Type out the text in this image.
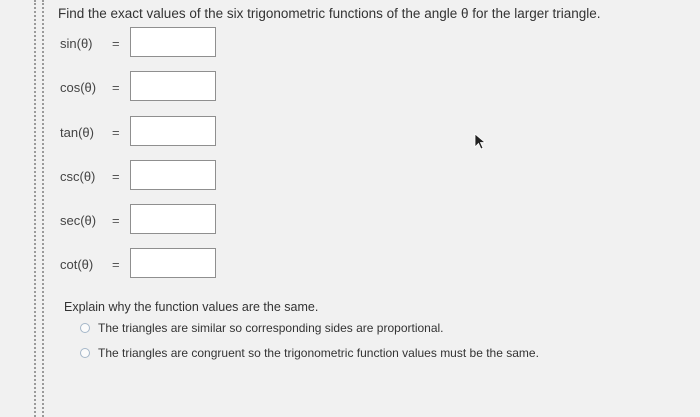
Find the exact values of the six trigonometric functions of the angle θ for the larger triangle.
sin(θ) =
cos(θ) =
tan(θ) =
csc(θ) =
sec(θ) =
cot(θ) =
Explain why the function values are the same.
The triangles are similar so corresponding sides are proportional.
The triangles are congruent so the trigonometric function values must be the same.
